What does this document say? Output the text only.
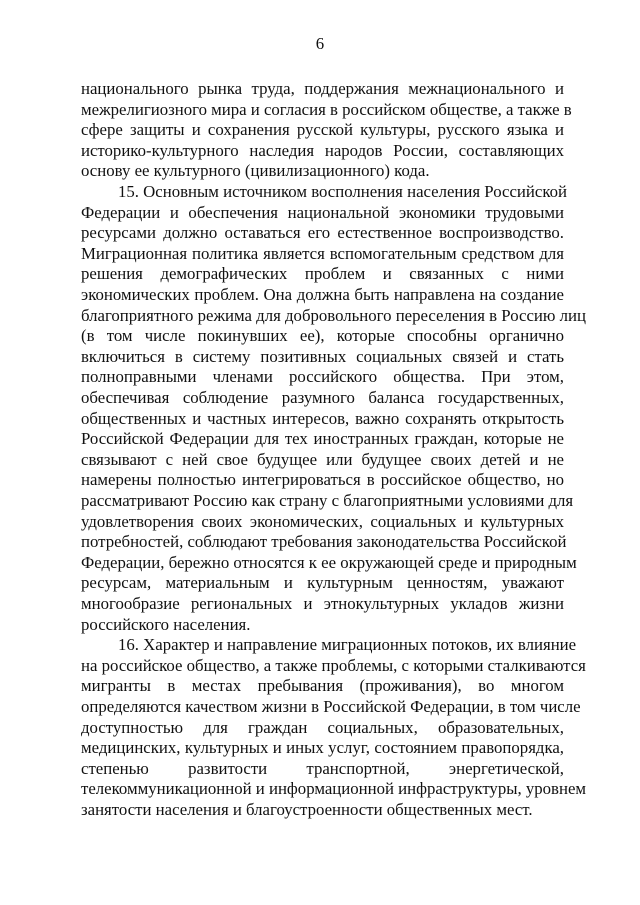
6
национального рынка труда, поддержания межнационального и
межрелигиозного мира и согласия в российском обществе, а также в
сфере защиты и сохранения русской культуры, русского языка и
историко-культурного наследия народов России, составляющих
основу ее культурного (цивилизационного) кода.
15. Основным источником восполнения населения Российской
Федерации и обеспечения национальной экономики трудовыми
ресурсами должно оставаться его естественное воспроизводство.
Миграционная политика является вспомогательным средством для
решения демографических проблем и связанных с ними
экономических проблем. Она должна быть направлена на создание
благоприятного режима для добровольного переселения в Россию лиц
(в том числе покинувших ее), которые способны органично
включиться в систему позитивных социальных связей и стать
полноправными членами российского общества. При этом,
обеспечивая соблюдение разумного баланса государственных,
общественных и частных интересов, важно сохранять открытость
Российской Федерации для тех иностранных граждан, которые не
связывают с ней свое будущее или будущее своих детей и не
намерены полностью интегрироваться в российское общество, но
рассматривают Россию как страну с благоприятными условиями для
удовлетворения своих экономических, социальных и культурных
потребностей, соблюдают требования законодательства Российской
Федерации, бережно относятся к ее окружающей среде и природным
ресурсам, материальным и культурным ценностям, уважают
многообразие региональных и этнокультурных укладов жизни
российского населения.
16. Характер и направление миграционных потоков, их влияние
на российское общество, а также проблемы, с которыми сталкиваются
мигранты в местах пребывания (проживания), во многом
определяются качеством жизни в Российской Федерации, в том числе
доступностью для граждан социальных, образовательных,
медицинских, культурных и иных услуг, состоянием правопорядка,
степенью развитости транспортной, энергетической,
телекоммуникационной и информационной инфраструктуры, уровнем
занятости населения и благоустроенности общественных мест.
